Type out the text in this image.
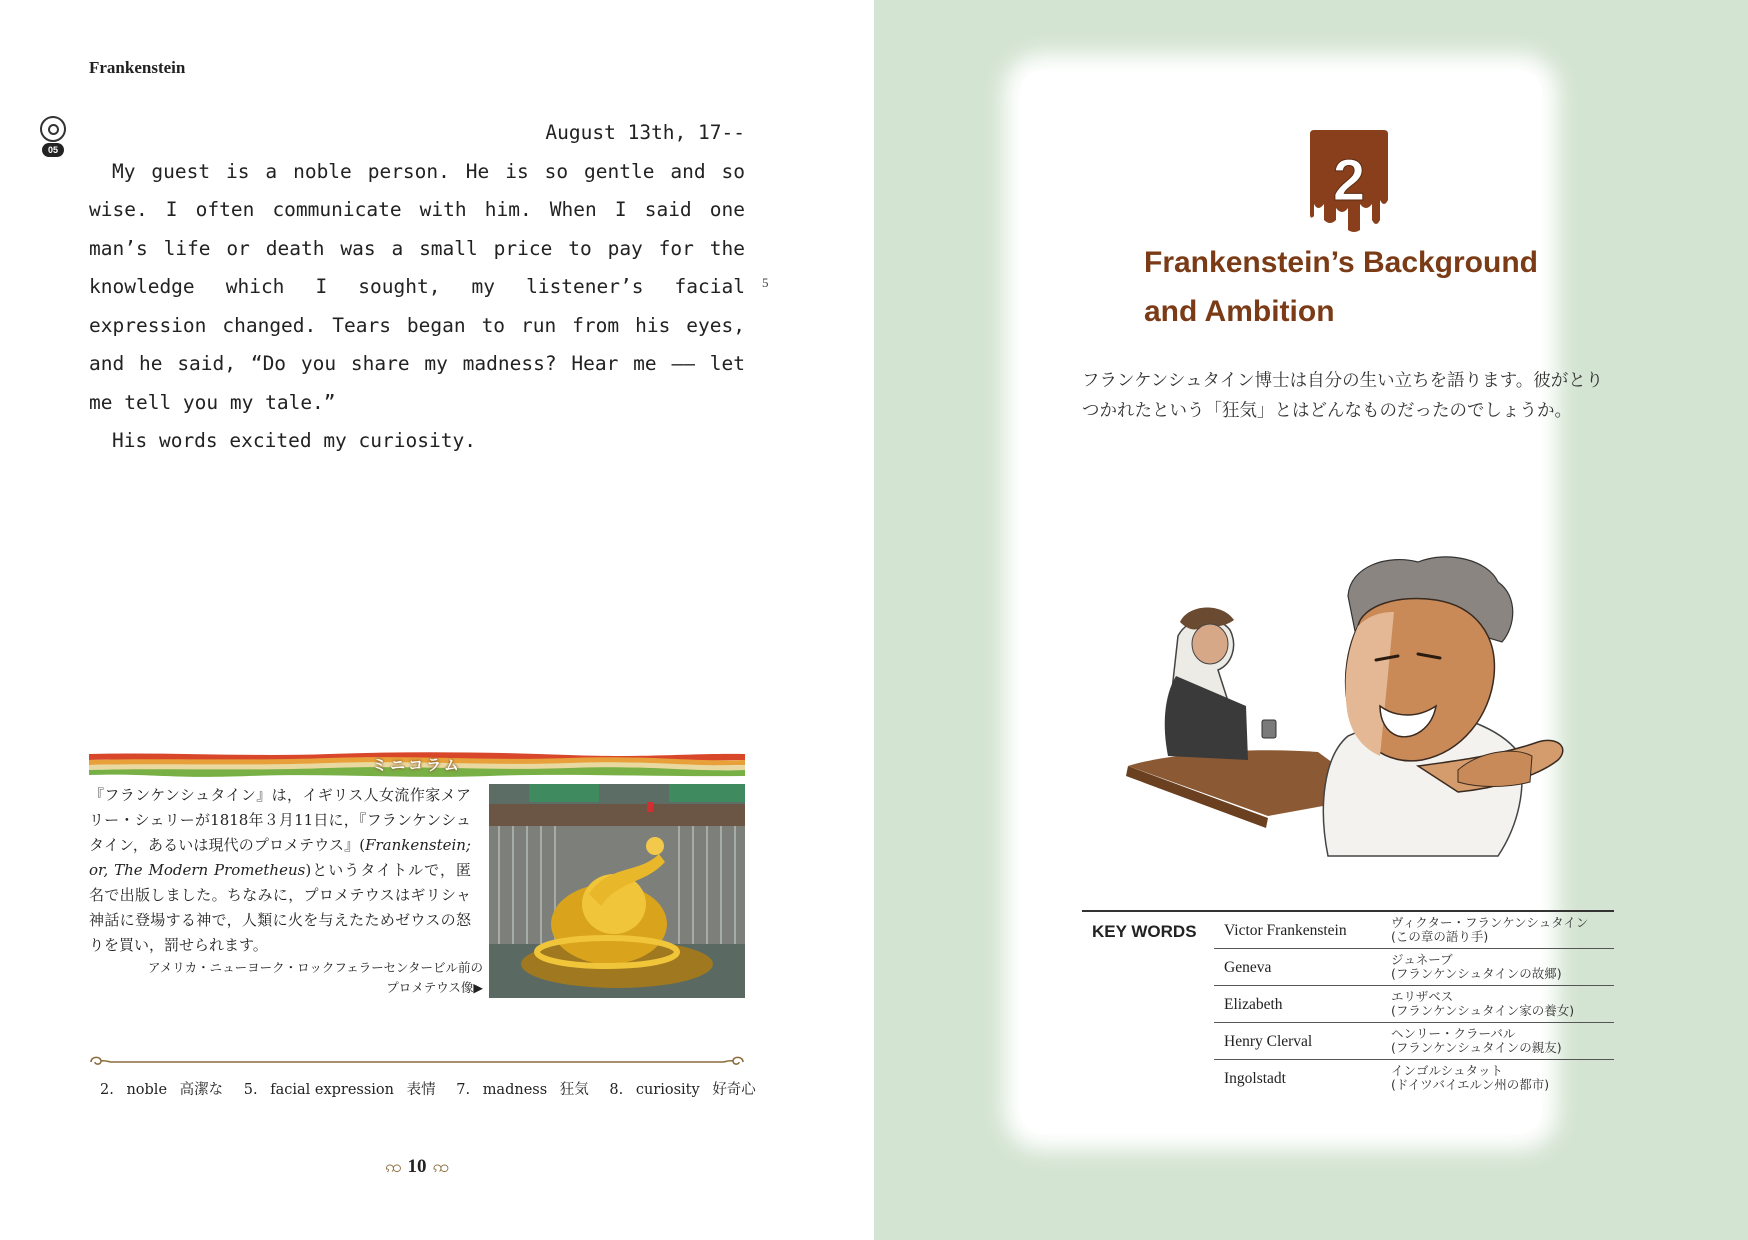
Frankenstein
05
August 13th, 17--

My guest is a noble person. He is so gentle and so wise. I often communicate with him. When I said one man’s life or death was a small price to pay for the knowledge which I sought, my listener’s facial expression changed. Tears began to run from his eyes, and he said, “Do you share my madness? Hear me ―― let me tell you my tale.”

His words excited my curiosity.

5
ミニコラム
『フランケンシュタイン』は，イギリス人女流作家メアリー・シェリーが1818年３月11日に，『フランケンシュタイン，あるいは現代のプロメテウス』(Frankenstein; or, The Modern Prometheus)というタイトルで，匿名で出版しました。ちなみに，プロメテウスはギリシャ神話に登場する神で，人類に火を与えたためゼウスの怒りを買い，罰せられます。
アメリカ・ニューヨーク・ロックフェラーセンタービル前の
プロメテウス像▶
2. noble 高潔な 5. facial expression 表情 7. madness 狂気 8. curiosity 好奇心
ꩡ 10 ꩡ
2
Frankenstein’s Background
and Ambition
フランケンシュタイン博士は自分の生い立ちを語ります。彼がとりつかれたという「狂気」とはどんなものだったのでしょうか。
KEY WORDS Victor Frankenstein	ヴィクター・フランケンシュタイン
(この章の語り手)
Geneva	ジュネーブ
(フランケンシュタインの故郷)
Elizabeth	エリザベス
(フランケンシュタイン家の養女)
Henry Clerval	ヘンリー・クラーバル
(フランケンシュタインの親友)
Ingolstadt	インゴルシュタット
(ドイツバイエルン州の都市)
